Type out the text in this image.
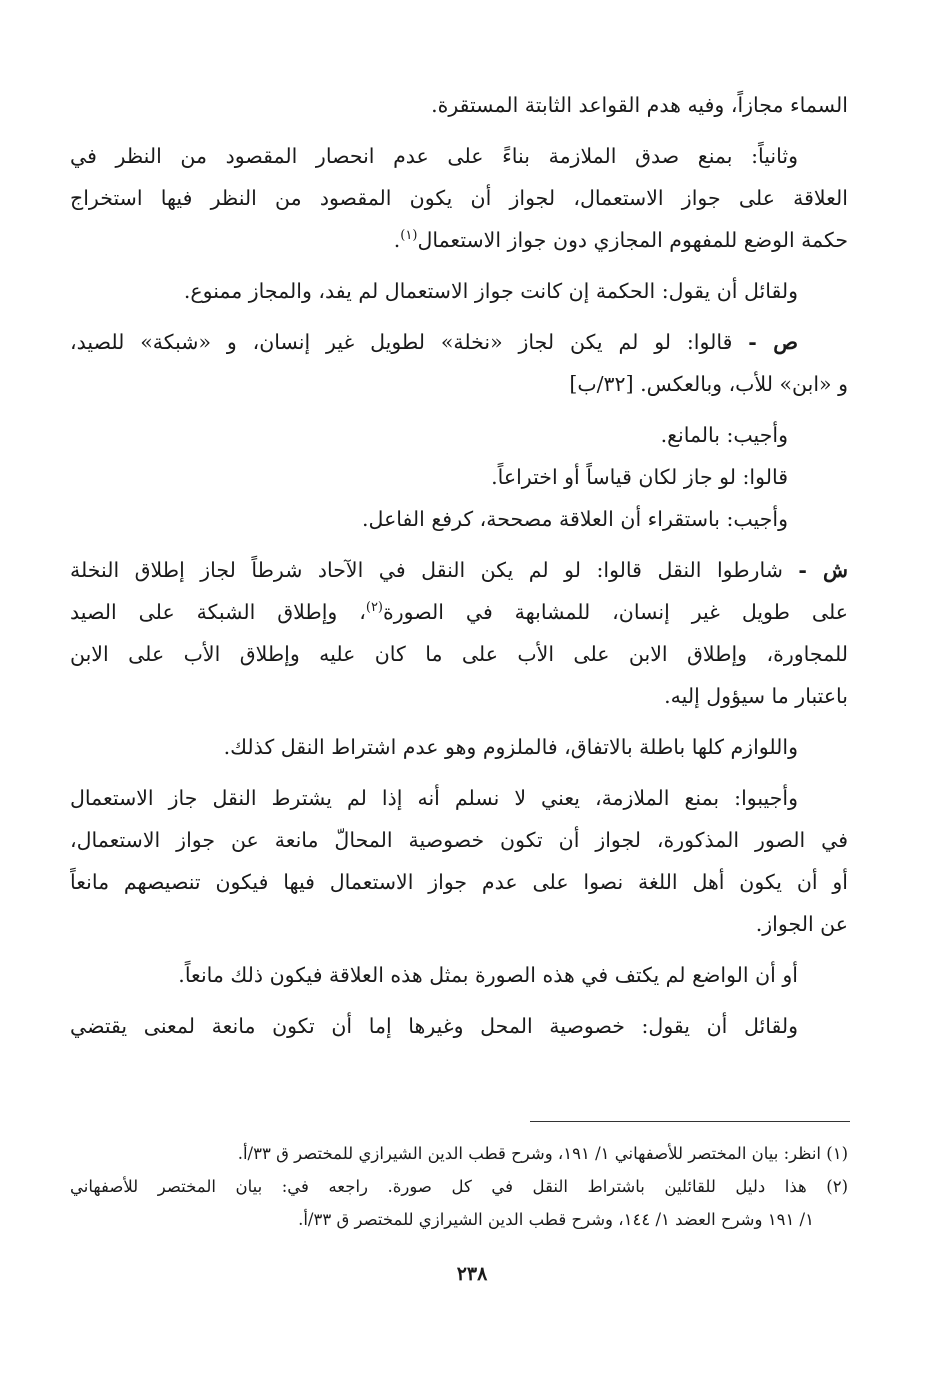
السماء مجازاً، وفيه هدم القواعد الثابتة المستقرة.
وثانياً: بمنع صدق الملازمة بناءً على عدم انحصار المقصود من النظر في
العلاقة على جواز الاستعمال، لجواز أن يكون المقصود من النظر فيها استخراج
حكمة الوضع للمفهوم المجازي دون جواز الاستعمال$^{(١)}$.
ولقائل أن يقول: الحكمة إن كانت جواز الاستعمال لم يفد، والمجاز ممنوع.
ص - قالوا: لو لم يكن لجاز «نخلة» لطويل غير إنسان، و «شبكة» للصيد،
و «ابن» للأب، وبالعكس. [٣٢/ب]
وأجيب: بالمانع.
قالوا: لو جاز لكان قياساً أو اختراعاً.
وأجيب: باستقراء أن العلاقة مصححة، كرفع الفاعل.
ش - شارطوا النقل قالوا: لو لم يكن النقل في الآحاد شرطاً لجاز إطلاق النخلة
على طويل غير إنسان، للمشابهة في الصورة$^{(٢)}$، وإطلاق الشبكة على الصيد
للمجاورة، وإطلاق الابن على الأب على ما كان عليه وإطلاق الأب على الابن
باعتبار ما سيؤول إليه.
واللوازم كلها باطلة بالاتفاق، فالملزوم وهو عدم اشتراط النقل كذلك.
وأجيبوا: بمنع الملازمة، يعني لا نسلم أنه إذا لم يشترط النقل جاز الاستعمال
في الصور المذكورة، لجواز أن تكون خصوصية المحالّ مانعة عن جواز الاستعمال،
أو أن يكون أهل اللغة نصوا على عدم جواز الاستعمال فيها فيكون تنصيصهم مانعاً
عن الجواز.
أو أن الواضع لم يكتف في هذه الصورة بمثل هذه العلاقة فيكون ذلك مانعاً.
ولقائل أن يقول: خصوصية المحل وغيرها إما أن تكون مانعة لمعنى يقتضي
(١) انظر: بيان المختصر للأصفهاني ١/ ١٩١، وشرح قطب الدين الشيرازي للمختصر ق ٣٣/أ.
(٢) هذا دليل للقائلين باشتراط النقل في كل صورة. راجعه في: بيان المختصر للأصفهاني
١/ ١٩١ وشرح العضد ١/ ١٤٤، وشرح قطب الدين الشيرازي للمختصر ق ٣٣/أ.
٢٣٨
